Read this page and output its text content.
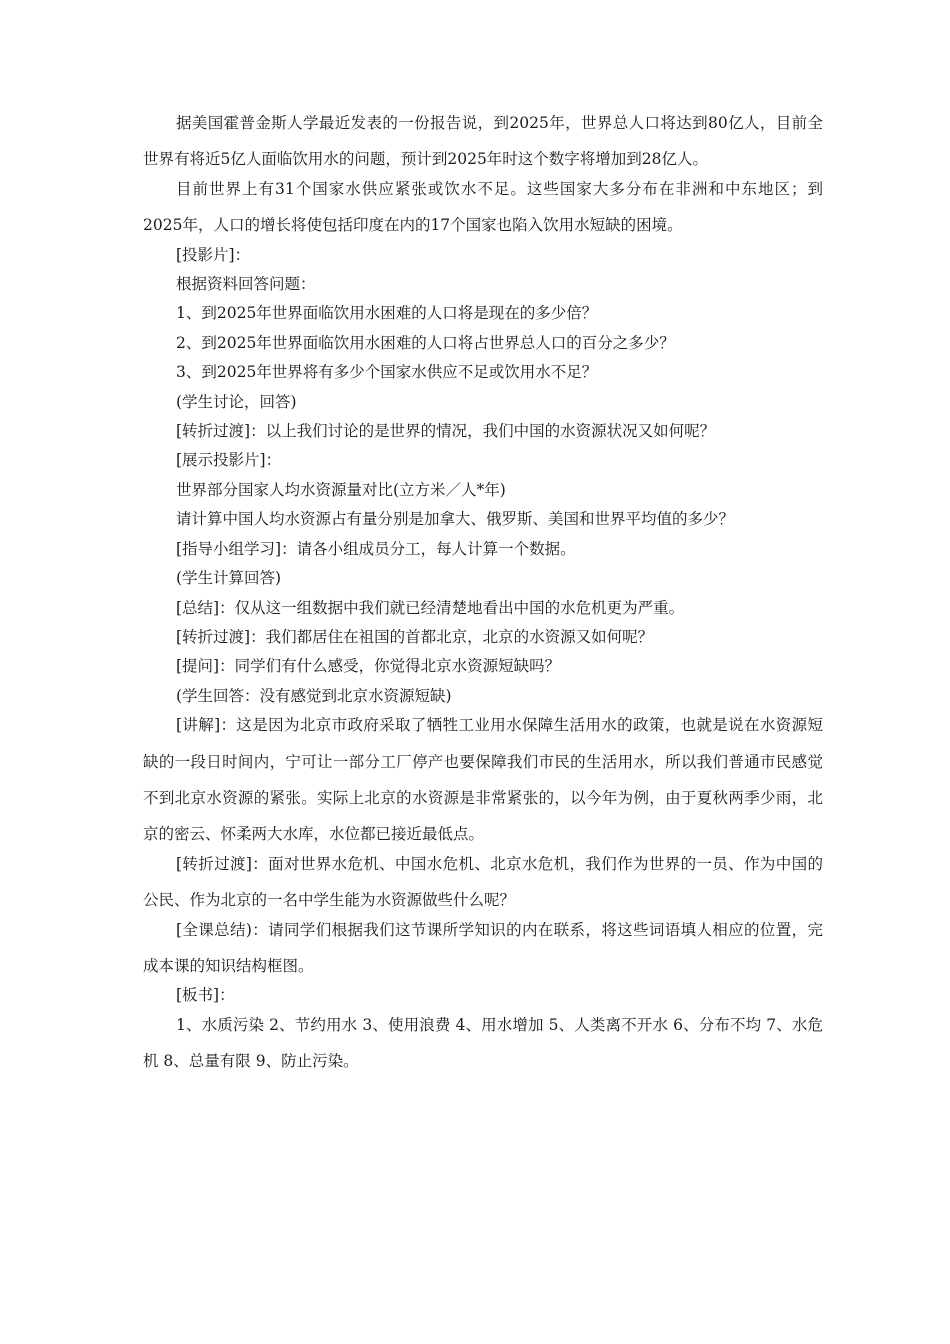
据美国霍普金斯人学最近发表的一份报告说，到2025年，世界总人口将达到80亿人，目前全世界有将近5亿人面临饮用水的问题，预计到2025年时这个数字将增加到28亿人。

目前世界上有31个国家水供应紧张或饮水不足。这些国家大多分布在非洲和中东地区；到2025年，人口的增长将使包括印度在内的17个国家也陷入饮用水短缺的困境。

[投影片]：

根据资料回答问题：

1、到2025年世界面临饮用水困难的人口将是现在的多少倍？

2、到2025年世界面临饮用水困难的人口将占世界总人口的百分之多少？

3、到2025年世界将有多少个国家水供应不足或饮用水不足？

(学生讨论，回答)

[转折过渡]：以上我们讨论的是世界的情况，我们中国的水资源状况又如何呢？

[展示投影片]：

世界部分国家人均水资源量对比(立方米／人*年)

请计算中国人均水资源占有量分别是加拿大、俄罗斯、美国和世界平均值的多少？

[指导小组学习]：请各小组成员分工，每人计算一个数据。

(学生计算回答)

[总结]：仅从这一组数据中我们就已经清楚地看出中国的水危机更为严重。

[转折过渡]：我们都居住在祖国的首都北京，北京的水资源又如何呢？

[提问]：同学们有什么感受，你觉得北京水资源短缺吗？

(学生回答：没有感觉到北京水资源短缺)

[讲解]：这是因为北京市政府采取了牺牲工业用水保障生活用水的政策，也就是说在水资源短缺的一段日时间内，宁可让一部分工厂停产也要保障我们市民的生活用水，所以我们普通市民感觉不到北京水资源的紧张。实际上北京的水资源是非常紧张的，以今年为例，由于夏秋两季少雨，北京的密云、怀柔两大水库，水位都已接近最低点。

[转折过渡]：面对世界水危机、中国水危机、北京水危机，我们作为世界的一员、作为中国的公民、作为北京的一名中学生能为水资源做些什么呢？

[全课总结)：请同学们根据我们这节课所学知识的内在联系，将这些词语填人相应的位置，完成本课的知识结构框图。

[板书]：

1、水质污染 2、节约用水 3、使用浪费 4、用水增加 5、人类离不开水 6、分布不均 7、水危机 8、总量有限 9、防止污染。
